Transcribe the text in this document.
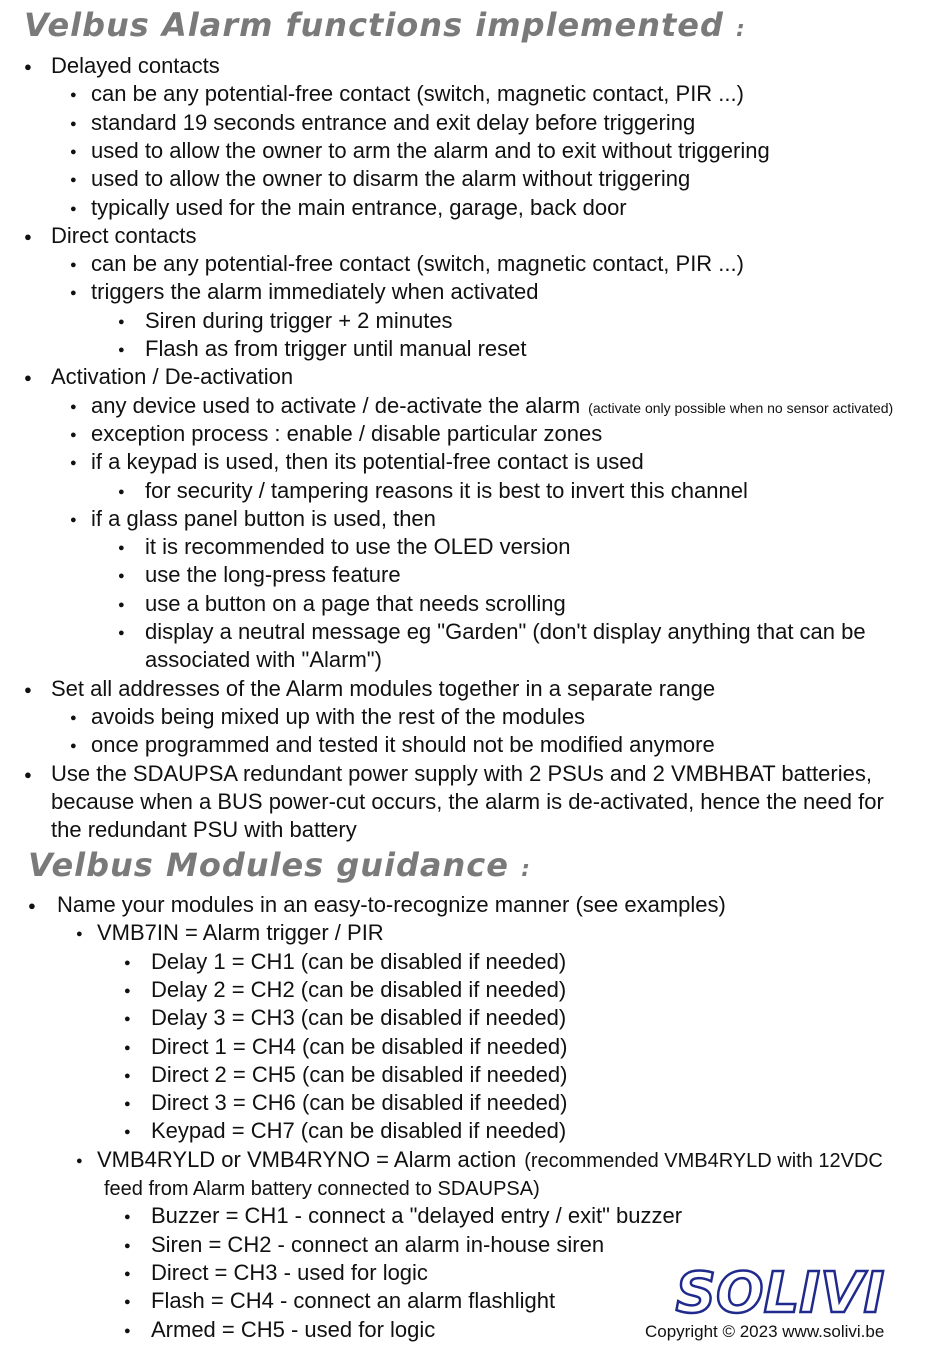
Velbus Alarm functions implemented :
● Delayed contacts
● can be any potential-free contact (switch, magnetic contact, PIR ...)
● standard 19 seconds entrance and exit delay before triggering
● used to allow the owner to arm the alarm and to exit without triggering
● used to allow the owner to disarm the alarm without triggering
● typically used for the main entrance, garage, back door
● Direct contacts
● can be any potential-free contact (switch, magnetic contact, PIR ...)
● triggers the alarm immediately when activated
● Siren during trigger + 2 minutes
● Flash as from trigger until manual reset
● Activation / De-activation
● any device used to activate / de-activate the alarm (activate only possible when no sensor activated)
● exception process : enable / disable particular zones
● if a keypad is used, then its potential-free contact is used
● for security / tampering reasons it is best to invert this channel
● if a glass panel button is used, then
● it is recommended to use the OLED version
● use the long-press feature
● use a button on a page that needs scrolling
● display a neutral message eg "Garden" (don't display anything that can be
associated with "Alarm")
● Set all addresses of the Alarm modules together in a separate range
● avoids being mixed up with the rest of the modules
● once programmed and tested it should not be modified anymore
● Use the SDAUPSA redundant power supply with 2 PSUs and 2 VMBHBAT batteries,
because when a BUS power-cut occurs, the alarm is de-activated, hence the need for
the redundant PSU with battery
Velbus Modules guidance :
● Name your modules in an easy-to-recognize manner (see examples)
● VMB7IN = Alarm trigger / PIR
● Delay 1 = CH1 (can be disabled if needed)
● Delay 2 = CH2 (can be disabled if needed)
● Delay 3 = CH3 (can be disabled if needed)
● Direct 1 = CH4 (can be disabled if needed)
● Direct 2 = CH5 (can be disabled if needed)
● Direct 3 = CH6 (can be disabled if needed)
● Keypad = CH7 (can be disabled if needed)
● VMB4RYLD or VMB4RYNO = Alarm action (recommended VMB4RYLD with 12VDC
feed from Alarm battery connected to SDAUPSA)
● Buzzer = CH1 - connect a "delayed entry / exit" buzzer
● Siren = CH2 - connect an alarm in-house siren
● Direct = CH3 - used for logic
● Flash = CH4 - connect an alarm flashlight
● Armed = CH5 - used for logic
SOLIVI
Copyright © 2023 www.solivi.be
